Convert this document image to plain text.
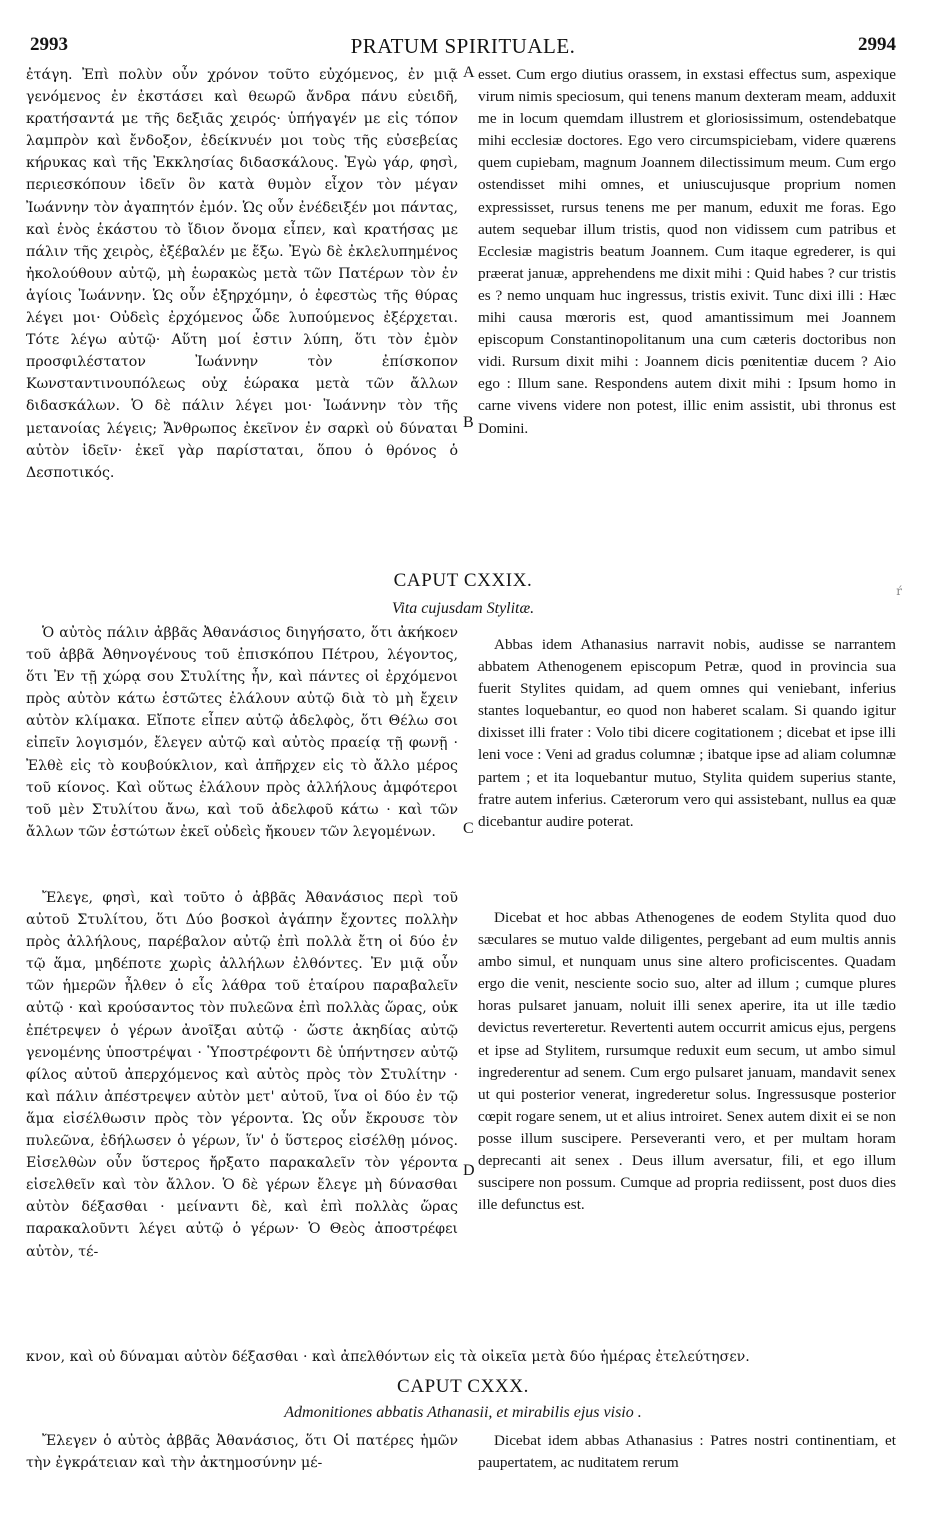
2993	PRATUM SPIRITUALE.	2994

ἐτάγη. Ἐπὶ πολὺν οὖν χρόνον τοῦτο εὐχόμενος, ἐν μιᾷ γενόμενος ἐν ἐκστάσει καὶ θεωρῶ ἄνδρα πάνυ εὐειδῆ, κρατήσαντά με τῆς δεξιᾶς χειρός· ὑπήγαγέν με εἰς τόπον λαμπρὸν καὶ ἔνδοξον, ἐδείκνυέν μοι τοὺς τῆς εὐσεβείας κήρυκας καὶ τῆς Ἐκκλησίας διδασκάλους. Ἐγὼ γάρ, φησὶ, περιεσκόπουν ἰδεῖν ὃν κατὰ θυμὸν εἶχον τὸν μέγαν Ἰωάννην τὸν ἀγαπητόν ἐμόν. Ὡς οὖν ἐνέδειξέν μοι πάντας, καὶ ἑνὸς ἑκάστου τὸ ἴδιον ὄνομα εἶπεν, καὶ κρατήσας με πάλιν τῆς χειρὸς, ἐξέβαλέν με ἔξω. Ἐγὼ δὲ ἐκλελυπημένος ἠκολούθουν αὐτῷ, μὴ ἑωρακὼς μετὰ τῶν Πατέρων τὸν ἐν ἁγίοις Ἰωάννην. Ὡς οὖν ἐξηρχόμην, ὁ ἐφεστὼς τῆς θύρας λέγει μοι· Οὐδεὶς ἐρχόμενος ὧδε λυπούμενος ἐξέρχεται. Τότε λέγω αὐτῷ· Αὕτη μοί ἐστιν λύπη, ὅτι τὸν ἐμὸν προσφιλέστατον Ἰωάννην τὸν ἐπίσκοπον Κωνσταντινουπόλεως οὐχ ἑώρακα μετὰ τῶν ἄλλων διδασκάλων. Ὁ δὲ πάλιν λέγει μοι· Ἰωάννην τὸν τῆς μετανοίας λέγεις; Ἄνθρωπος ἐκεῖνον ἐν σαρκὶ οὐ δύναται αὐτὸν ἰδεῖν· ἐκεῖ γὰρ παρίσταται, ὅπου ὁ θρόνος ὁ Δεσποτικός.

esset. Cum ergo diutius orassem, in exstasi effectus sum, aspexique virum nimis speciosum, qui tenens manum dexteram meam, adduxit me in locum quemdam illustrem et gloriosissimum, ostendebatque mihi ecclesiæ doctores. Ego vero circumspiciebam, videre quærens quem cupiebam, magnum Joannem dilectissimum meum. Cum ergo ostendisset mihi omnes, et uniuscujusque proprium nomen expressisset, rursus tenens me per manum, eduxit me foras. Ego autem sequebar illum tristis, quod non vidissem cum patribus et Ecclesiæ magistris beatum Joannem. Cum itaque egrederer, is qui præerat januæ, apprehendens me dixit mihi : Quid habes ? cur tristis es ? nemo unquam huc ingressus, tristis exivit. Tunc dixi illi : Hæc mihi causa mœroris est, quod amantissimum mei Joannem episcopum Constantinopolitanum una cum cæteris doctoribus non vidi. Rursum dixit mihi : Joannem dicis pœnitentiæ ducem ? Aio ego : Illum sane. Respondens autem dixit mihi : Ipsum homo in carne vivens videre non potest, illic enim assistit, ubi thronus est Domini.

A
B
CAPUT CXXIX.
Vita cujusdam Stylitæ.
ŕ

Ὁ αὐτὸς πάλιν ἀββᾶς Ἀθανάσιος διηγήσατο, ὅτι ἀκήκοεν τοῦ ἀββᾶ Ἀθηνογένους τοῦ ἐπισκόπου Πέτρου, λέγοντος, ὅτι Ἐν τῇ χώρᾳ σου Στυλίτης ἦν, καὶ πάντες οἱ ἐρχόμενοι πρὸς αὐτὸν κάτω ἑστῶτες ἐλάλουν αὐτῷ διὰ τὸ μὴ ἔχειν αὐτὸν κλίμακα. Εἴποτε εἶπεν αὐτῷ ἀδελφὸς, ὅτι Θέλω σοι εἰπεῖν λογισμόν, ἔλεγεν αὐτῷ καὶ αὐτὸς πραείᾳ τῇ φωνῇ · Ἐλθὲ εἰς τὸ κουβούκλιον, καὶ ἀπῆρχεν εἰς τὸ ἄλλο μέρος τοῦ κίονος. Καὶ οὕτως ἐλάλουν πρὸς ἀλλήλους ἀμφότεροι τοῦ μὲν Στυλίτου ἄνω, καὶ τοῦ ἀδελφοῦ κάτω · καὶ τῶν ἄλλων τῶν ἑστώτων ἐκεῖ οὐδεὶς ἤκουεν τῶν λεγομένων.

Abbas idem Athanasius narravit nobis, audisse se narrantem abbatem Athenogenem episcopum Petræ, quod in provincia sua fuerit Stylites quidam, ad quem omnes qui veniebant, inferius stantes loquebantur, eo quod non haberet scalam. Si quando igitur dixisset illi frater : Volo tibi dicere cogitationem ; dicebat et ipse illi leni voce : Veni ad gradus columnæ ; ibatque ipse ad aliam columnæ partem ; et ita loquebantur mutuo, Stylita quidem superius stante, fratre autem inferius. Cæterorum vero qui assistebant, nullus ea quæ dicebantur audire poterat.

C

Ἔλεγε, φησὶ, καὶ τοῦτο ὁ ἀββᾶς Ἀθανάσιος περὶ τοῦ αὐτοῦ Στυλίτου, ὅτι Δύο βοσκοὶ ἀγάπην ἔχοντες πολλὴν πρὸς ἀλλήλους, παρέβαλον αὐτῷ ἐπὶ πολλὰ ἔτη οἱ δύο ἐν τῷ ἅμα, μηδέποτε χωρὶς ἀλλήλων ἐλθόντες. Ἐν μιᾷ οὖν τῶν ἡμερῶν ἦλθεν ὁ εἷς λάθρα τοῦ ἑταίρου παραβαλεῖν αὐτῷ · καὶ κρούσαντος τὸν πυλεῶνα ἐπὶ πολλὰς ὥρας, οὐκ ἐπέτρεψεν ὁ γέρων ἀνοῖξαι αὐτῷ · ὥστε ἀκηδίας αὐτῷ γενομένης ὑποστρέψαι · Ὑποστρέφοντι δὲ ὑπήντησεν αὐτῷ φίλος αὐτοῦ ἀπερχόμενος καὶ αὐτὸς πρὸς τὸν Στυλίτην · καὶ πάλιν ἀπέστρεψεν αὐτὸν μετ' αὐτοῦ, ἵνα οἱ δύο ἐν τῷ ἅμα εἰσέλθωσιν πρὸς τὸν γέροντα. Ὡς οὖν ἔκρουσε τὸν πυλεῶνα, ἐδήλωσεν ὁ γέρων, ἵν' ὁ ὕστερος εἰσέλθῃ μόνος. Εἰσελθὼν οὖν ὕστερος ἤρξατο παρακαλεῖν τὸν γέροντα εἰσελθεῖν καὶ τὸν ἄλλον. Ὁ δὲ γέρων ἔλεγε μὴ δύνασθαι αὐτὸν δέξασθαι · μείναντι δὲ, καὶ ἐπὶ πολλὰς ὥρας παρακαλοῦντι λέγει αὐτῷ ὁ γέρων· Ὁ Θεὸς ἀποστρέφει αὐτὸν, τέ-

Dicebat et hoc abbas Athenogenes de eodem Stylita quod duo sæculares se mutuo valde diligentes, pergebant ad eum multis annis ambo simul, et nunquam unus sine altero proficiscentes. Quadam ergo die venit, nesciente socio suo, alter ad illum ; cumque plures horas pulsaret januam, noluit illi senex aperire, ita ut ille tædio devictus reverteretur. Revertenti autem occurrit amicus ejus, pergens et ipse ad Stylitem, rursumque reduxit eum secum, ut ambo simul ingrederentur ad senem. Cum ergo pulsaret januam, mandavit senex ut qui posterior venerat, ingrederetur solus. Ingressusque posterior cœpit rogare senem, ut et alius introiret. Senex autem dixit ei se non posse illum suscipere. Perseveranti vero, et per multam horam deprecanti ait senex . Deus illum aversatur, fili, et ego illum suscipere non possum. Cumque ad propria rediissent, post duos dies ille defunctus est.

D
κνον, καὶ οὐ δύναμαι αὐτὸν δέξασθαι · καὶ ἀπελθόντων εἰς τὰ οἰκεῖα μετὰ δύο ἡμέρας ἐτελεύτησεν.
CAPUT CXXX.
Admonitiones abbatis Athanasii, et mirabilis ejus visio .

Ἔλεγεν ὁ αὐτὸς ἀββᾶς Ἀθανάσιος, ὅτι Οἱ πατέρες ἡμῶν τὴν ἐγκράτειαν καὶ τὴν ἀκτημοσύνην μέ-

Dicebat idem abbas Athanasius : Patres nostri continentiam, et paupertatem, ac nuditatem rerum
